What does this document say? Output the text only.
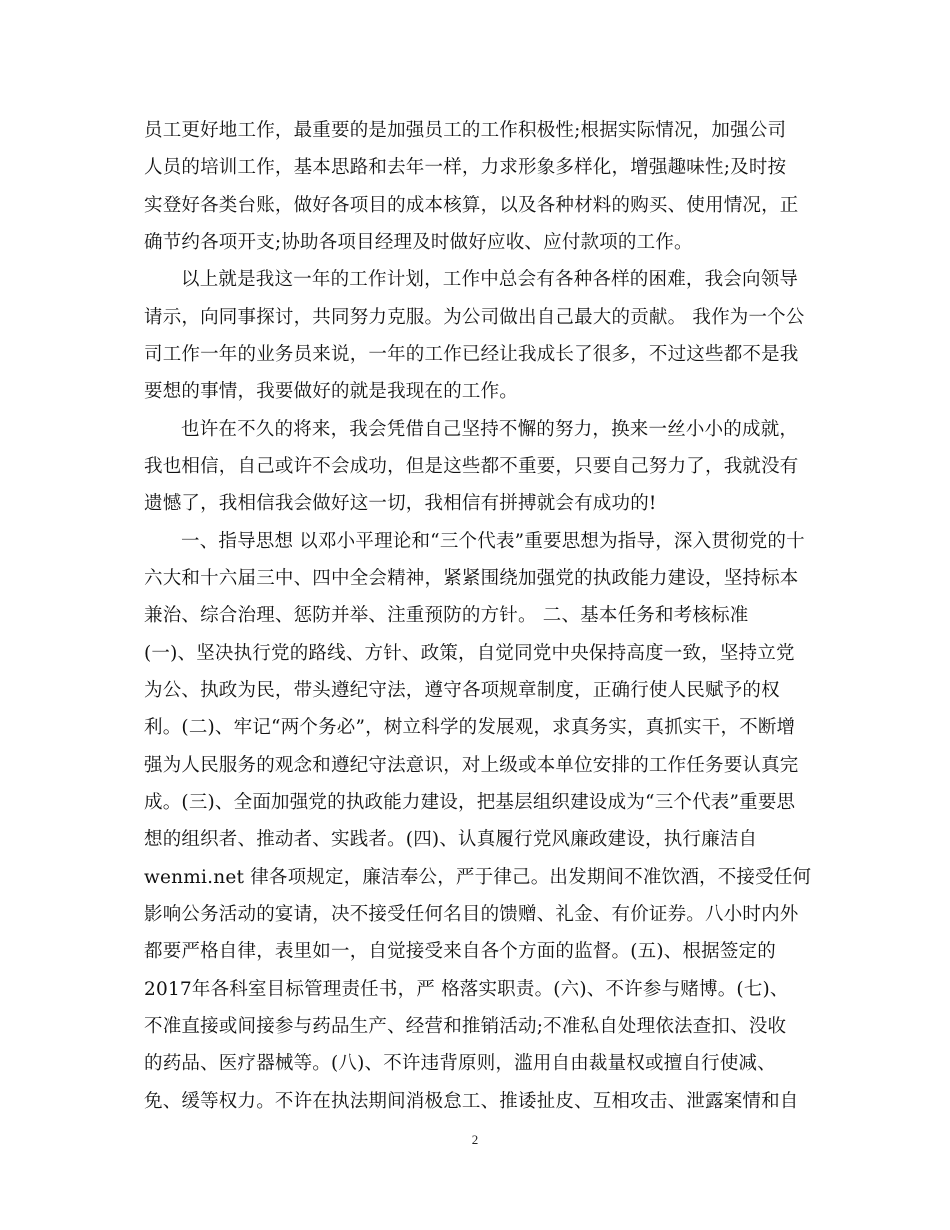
员工更好地工作，最重要的是加强员工的工作积极性;根据实际情况，加强公司
人员的培训工作，基本思路和去年一样，力求形象多样化，增强趣味性;及时按
实登好各类台账，做好各项目的成本核算，以及各种材料的购买、使用情况，正
确节约各项开支;协助各项目经理及时做好应收、应付款项的工作。
以上就是我这一年的工作计划，工作中总会有各种各样的困难，我会向领导
请示，向同事探讨，共同努力克服。为公司做出自己最大的贡献。 我作为一个公
司工作一年的业务员来说，一年的工作已经让我成长了很多，不过这些都不是我
要想的事情，我要做好的就是我现在的工作。
也许在不久的将来，我会凭借自己坚持不懈的努力，换来一丝小小的成就，
我也相信，自己或许不会成功，但是这些都不重要，只要自己努力了，我就没有
遗憾了，我相信我会做好这一切，我相信有拼搏就会有成功的!
一、指导思想 以邓小平理论和“三个代表”重要思想为指导，深入贯彻党的十
六大和十六届三中、四中全会精神，紧紧围绕加强党的执政能力建设，坚持标本
兼治、综合治理、惩防并举、注重预防的方针。 二、基本任务和考核标准
(一)、坚决执行党的路线、方针、政策，自觉同党中央保持高度一致，坚持立党
为公、执政为民，带头遵纪守法，遵守各项规章制度，正确行使人民赋予的权
利。(二)、牢记“两个务必”，树立科学的发展观，求真务实，真抓实干，不断增
强为人民服务的观念和遵纪守法意识，对上级或本单位安排的工作任务要认真完
成。(三)、全面加强党的执政能力建设，把基层组织建设成为“三个代表”重要思
想的组织者、推动者、实践者。(四)、认真履行党风廉政建设，执行廉洁自
wenmi.net 律各项规定，廉洁奉公，严于律己。出发期间不准饮酒，不接受任何
影响公务活动的宴请，决不接受任何名目的馈赠、礼金、有价证券。八小时内外
都要严格自律，表里如一，自觉接受来自各个方面的监督。(五)、根据签定的
2017年各科室目标管理责任书，严 格落实职责。(六)、不许参与赌博。(七)、
不准直接或间接参与药品生产、经营和推销活动;不准私自处理依法查扣、没收
的药品、医疗器械等。(八)、不许违背原则，滥用自由裁量权或擅自行使减、
免、缓等权力。不许在执法期间消极怠工、推诿扯皮、互相攻击、泄露案情和自
2
